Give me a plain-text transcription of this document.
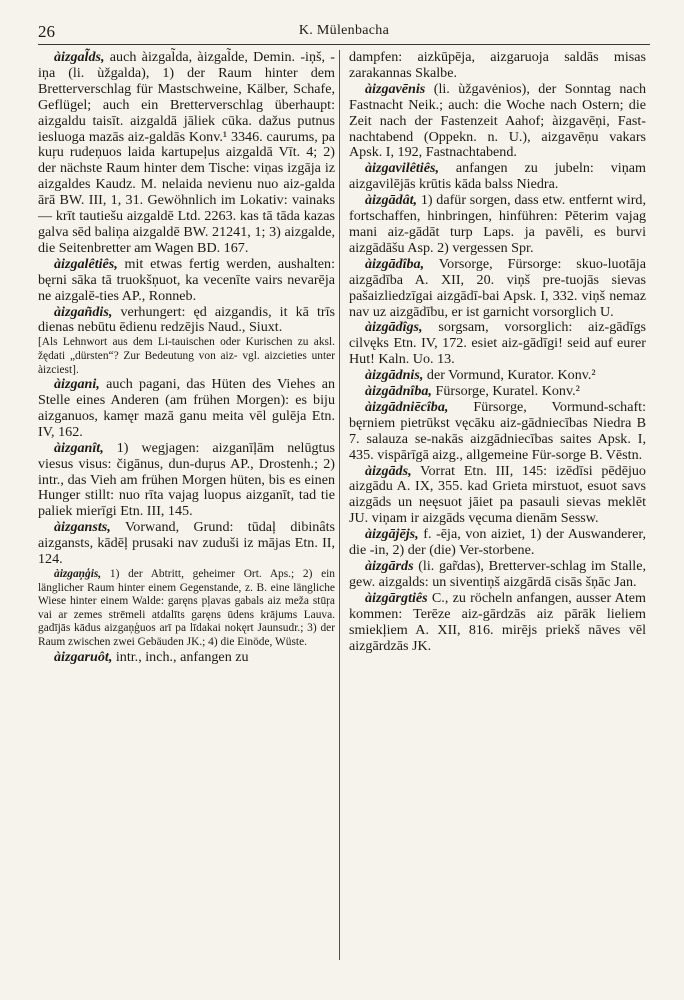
26	K. Mülenbacha

àizgal̃ds, auch àizgal̃da, àizgal̃de, Demin. -iņš, -iņa (li. ùžgalda), 1) der Raum hinter dem Bretterverschlag für Mastschweine, Kälber, Schafe, Geflügel; auch ein Bretterverschlag überhaupt: aizgaldu taisīt. aizgaldā jāliek cūka. dažus putnus iesluoga mazās aiz-galdās Konv.¹ 3346. caurums, pa kuŗu rudeņuos laida kartupeļus aizgaldā Vīt. 4; 2) der nächste Raum hinter dem Tische: viņas izgāja iz aizgaldes Kaudz. M. nelaida nevienu nuo aiz-galda ārā BW. III, 1, 31. Gewöhnlich im Lokativ: vainaks — krīt tautiešu aizgaldē Ltd. 2263. kas tā tāda kazas galva sēd baliņa aizgaldē BW. 21241, 1; 3) aizgalde, die Seitenbretter am Wagen BD. 167.

àizgalêtiês, mit etwas fertig werden, aushalten: bęrni sāka tā truokšņuot, ka vecenīte vairs nevarēja ne aizgalē-ties AP., Ronneb.

àizgañdis, verhungert: ęd aizgandis, it kā trīs dienas nebūtu ēdienu redzējis Naud., Siuxt.

[Als Lehnwort aus dem Li-tauischen oder Kurischen zu aksl. žędati „dürsten“? Zur Bedeutung von aiz- vgl. aizcieties unter àizciest].

àizgani, auch pagani, das Hüten des Viehes an Stelle eines Anderen (am frühen Morgen): es biju aizganuos, kamęr mazā ganu meita vēl gulēja Etn. IV, 162.

àizganît, 1) wegjagen: aizganīļām nelūgtus viesus visus: čigānus, dun-duŗus AP., Drostenh.; 2) intr., das Vieh am frühen Morgen hüten, bis es einen Hunger stillt: nuo rīta vajag luopus aizganīt, tad tie paliek mierīgi Etn. III, 145.

àizgansts, Vorwand, Grund: tūdaļ dibinâts aizgansts, kādēļ prusaki nav zuduši iz mājas Etn. II, 124.

àizgaņģis, 1) der Abtritt, geheimer Ort. Aps.; 2) ein länglicher Raum hinter einem Gegenstande, z. B. eine längliche Wiese hinter einem Walde: garęns pļavas gabals aiz meža stūŗa vai ar zemes strēmeli atdalīts garęns ūdens krājums Lauva. gadījās kādus aizgaņģuos arī pa līdakai nokęrt Jaunsudr.; 3) der Raum zwischen zwei Gebäuden JK.; 4) die Einöde, Wüste.

àizgaruôt, intr., inch., anfangen zu

dampfen: aizkūpēja, aizgaruoja saldās misas zarakannas Skalbe.

àizgavēnis (li. ùžgavėnios), der Sonntag nach Fastnacht Neik.; auch: die Woche nach Ostern; die Zeit nach der Fastenzeit Aahof; àizgavēņi, Fast-nachtabend (Oppekn. n. U.), aizgavēņu vakars Apsk. I, 192, Fastnachtabend.

àizgavilêtiês, anfangen zu jubeln: viņam aizgavilējās krūtis kāda balss Niedra.

àizgādât, 1) dafür sorgen, dass etw. entfernt wird, fortschaffen, hinbringen, hinführen: Pēterim vajag mani aiz-gādāt turp Laps. ja pavēli, es burvi aizgādāšu Asp. 2) vergessen Spr.

àizgādîba, Vorsorge, Fürsorge: skuo-luotāja aizgādība A. XII, 20. viņš pre-tuojās sievas pašaizliedzīgai aizgādī-bai Apsk. I, 332. viņš nemaz nav uz aizgādību, er ist garnicht vorsorglich U.

àizgādîgs, sorgsam, vorsorglich: aiz-gādīgs cilvęks Etn. IV, 172. esiet aiz-gādīgi! seid auf eurer Hut! Kaln. Uo. 13.

àizgādnis, der Vormund, Kurator. Konv.²

àizgādnîba, Fürsorge, Kuratel. Konv.²

àizgādniēcîba, Fürsorge, Vormund-schaft: bęrniem pietrūkst vęcāku aiz-gādniecības Niedra B 7. salauza se-nakās aizgādniecības saites Apsk. I, 435. vispārīgā aizg., allgemeine Für-sorge B. Vēstn.

àizgāds, Vorrat Etn. III, 145: izēdīsi pēdējuo aizgādu A. IX, 355. kad Grieta mirstuot, esuot savs aizgāds un neęsuot jāiet pa pasauli sievas meklēt JU. viņam ir aizgāds vęcuma dienām Sessw.

àizgājējs, f. -ēja, von aiziet, 1) der Auswanderer, die -in, 2) der (die) Ver-storbene.

àizgārds (li. gar̃das), Bretterver-schlag im Stalle, gew. aizgalds: un siventiņš aizgārdā cisās šņāc Jan.

àizgārgtiês C., zu röcheln anfangen, ausser Atem kommen: Terēze aiz-gārdzās aiz pārāk lieliem smiekļiem A. XII, 816. mirējs priekš nāves vēl aizgārdzās JK.
